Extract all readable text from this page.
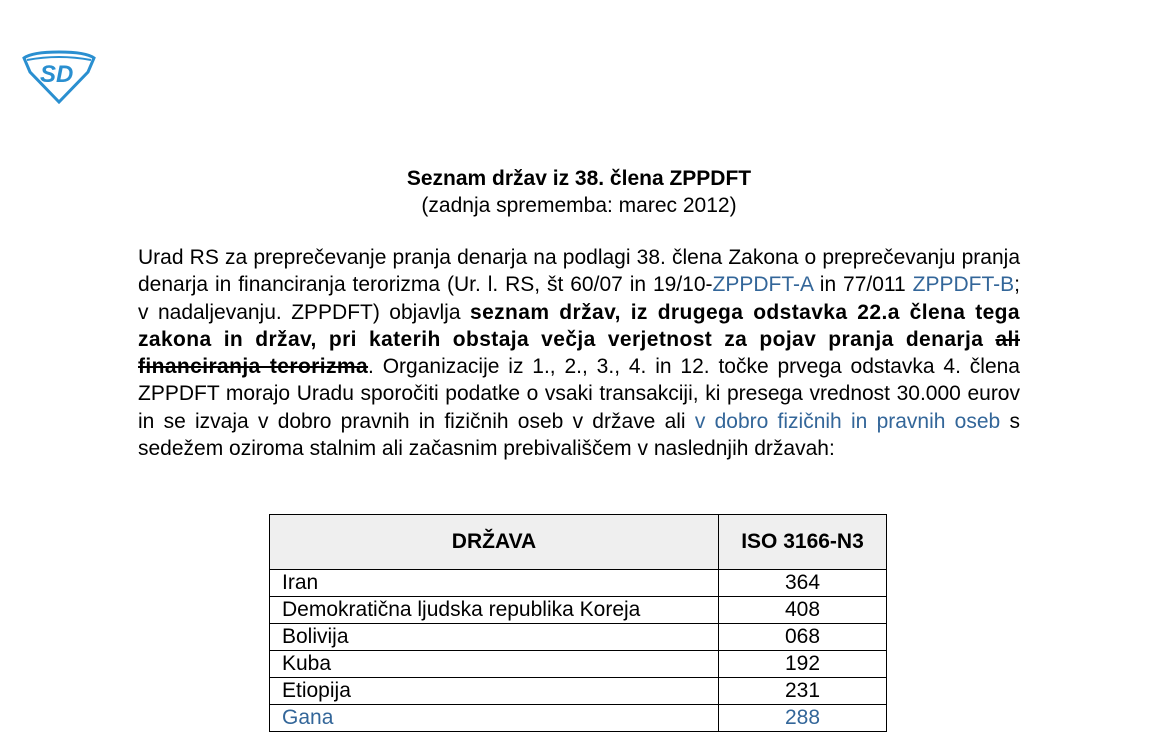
SD
Seznam držav iz 38. člena ZPPDFT
(zadnja sprememba: marec 2012)
Urad RS za preprečevanje pranja denarja na podlagi 38. člena Zakona o preprečevanju pranja denarja in financiranja terorizma (Ur. l. RS, št 60/07 in 19/10-ZPPDFT-A in 77/011 ZPPDFT-B; v nadaljevanju. ZPPDFT) objavlja seznam držav, iz drugega odstavka 22.a člena tega zakona in držav, pri katerih obstaja večja verjetnost za pojav pranja denarja ali financiranja terorizma. Organizacije iz 1., 2., 3., 4. in 12. točke prvega odstavka 4. člena ZPPDFT morajo Uradu sporočiti podatke o vsaki transakciji, ki presega vrednost 30.000 eurov in se izvaja v dobro pravnih in fizičnih oseb v države ali v dobro fizičnih in pravnih oseb s sedežem oziroma stalnim ali začasnim prebivališčem v naslednjih državah:
DRŽAVA	ISO 3166-N3
Iran	364
Demokratična ljudska republika Koreja	408
Bolivija	068
Kuba	192
Etiopija	231
Gana	288
